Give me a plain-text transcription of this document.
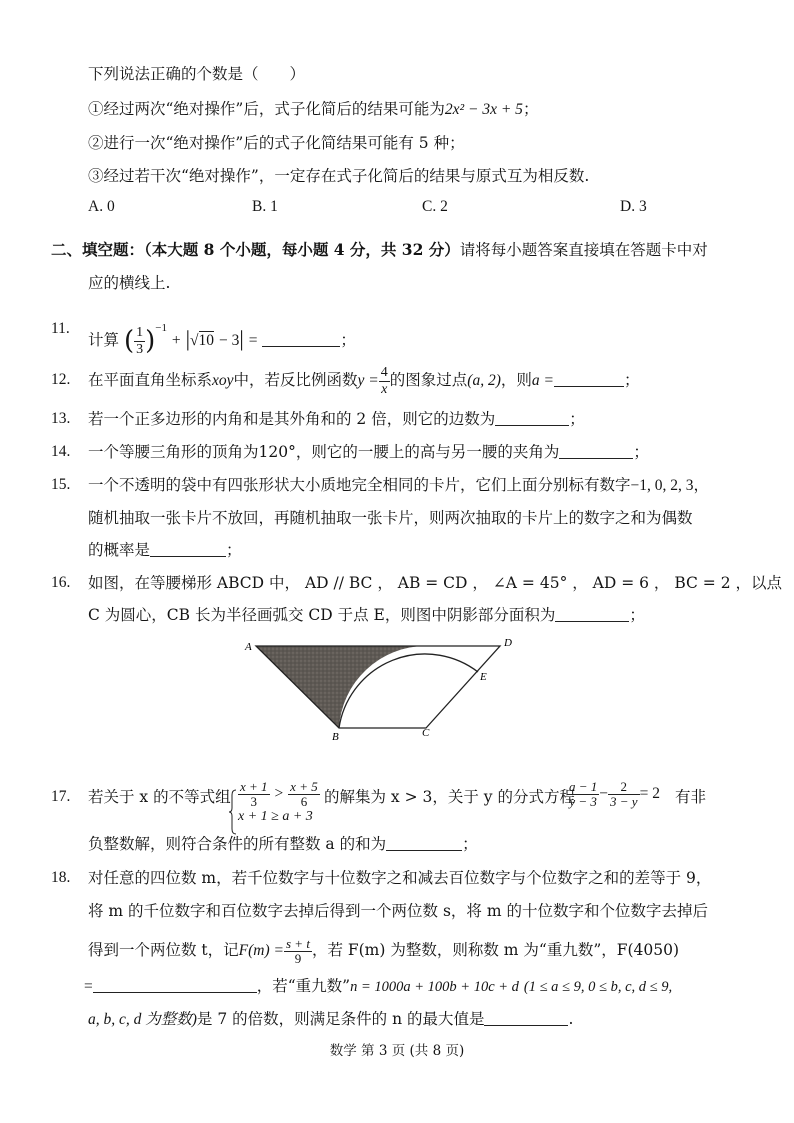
下列说法正确的个数是（　　）
①经过两次“绝对操作”后，式子化简后的结果可能为2x² − 3x + 5；
②进行一次“绝对操作”后的式子化简结果可能有 5 种；
③经过若干次“绝对操作”，一定存在式子化简后的结果与原式互为相反数.
A. 0	B. 1	C. 2	D. 3
二、填空题：（本大题 8 个小题，每小题 4 分，共 32 分）请将每小题答案直接填在答题卡中对
应的横线上.
11.
计算 ( $\frac{1}{3} )^{-1} + |√10 - 3|$ =	；
12. 在平面直角坐标系xoy中，若反比例函数$y = \frac{4}{x}$ 的图象过点(a, 2)，则a =	；
13. 若一个正多边形的内角和是其外角和的 2 倍，则它的边数为	；
14. 一个等腰三角形的顶角为120°，则它的一腰上的高与另一腰的夹角为	；
15. 一个不透明的袋中有四张形状大小质地完全相同的卡片，它们上面分别标有数字−1, 0, 2, 3，
随机抽取一张卡片不放回，再随机抽取一张卡片，则两次抽取的卡片上的数字之和为偶数
的概率是	；
16. 如图，在等腰梯形 ABCD 中， AD // BC ， AB = CD ， ∠A = 45° ， AD = 6 ， BC = 2 ，以点
C 为圆心，CB 长为半径画弧交 CD 于点 E，则图中阴影部分面积为	；
A	D
E
B	C
17. 若关于 x 的不等式组 $\frac{x + 1}{3} > \frac{x + 5}{6}$
x + 1 ≥ a + 3
的解集为 x > 3，关于 y 的分式方程
$\frac{a - 1}{y - 3} - \frac{2}{3 - y} = 2$ 有非
负整数解，则符合条件的所有整数 a 的和为	；
18. 对任意的四位数 m，若千位数字与十位数字之和减去百位数字与个位数字之和的差等于 9，
将 m 的千位数字和百位数字去掉后得到一个两位数 s，将 m 的十位数字和个位数字去掉后
得到一个两位数 t，记$F(m) = \frac{s + t}{9}$ ，若 F(m) 为整数，则称数 m 为“重九数”，F(4050)
=	，若“重九数”n = 1000a + 100b + 10c + d (1 ≤ a ≤ 9, 0 ≤ b, c, d ≤ 9,
a, b, c, d 为整数)是 7 的倍数，则满足条件的 n 的最大值是	.
数学 第 3 页 (共 8 页)
